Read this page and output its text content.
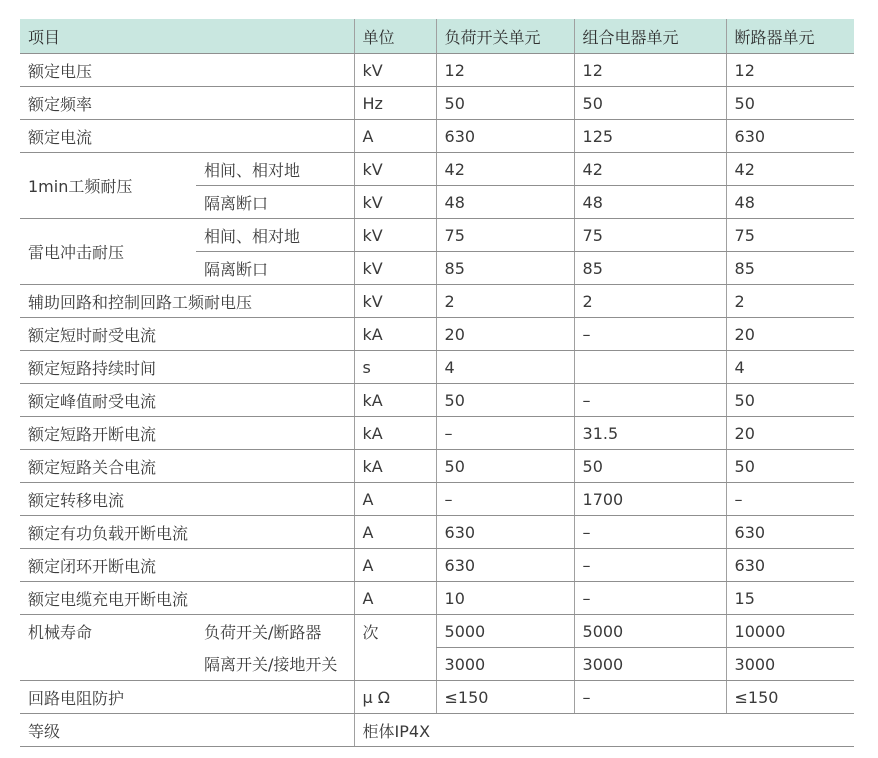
项目		单位	负荷开关单元	组合电器单元	断路器单元
额定电压		kV	12	12	12
额定频率		Hz	50	50	50
额定电流		A	630	125	630
1min工频耐压	相间、相对地	kV	42	42	42
	隔离断口	kV	48	48	48
雷电冲击耐压	相间、相对地	kV	75	75	75
	隔离断口	kV	85	85	85
辅助回路和控制回路工频耐电压		kV	2	2	2
额定短时耐受电流		kA	20	–	20
额定短路持续时间		s	4		4
额定峰值耐受电流		kA	50	–	50
额定短路开断电流		kA	–	31.5	20
额定短路关合电流		kA	50	50	50
额定转移电流		A	–	1700	–
额定有功负载开断电流		A	630	–	630
额定闭环开断电流		A	630	–	630
额定电缆充电开断电流		A	10	–	15
机械寿命	负荷开关/断路器	次	5000	5000	10000
	隔离开关/接地开关		3000	3000	3000
回路电阻防护		μ Ω	≤150	–	≤150
等级		柜体IP4X			
